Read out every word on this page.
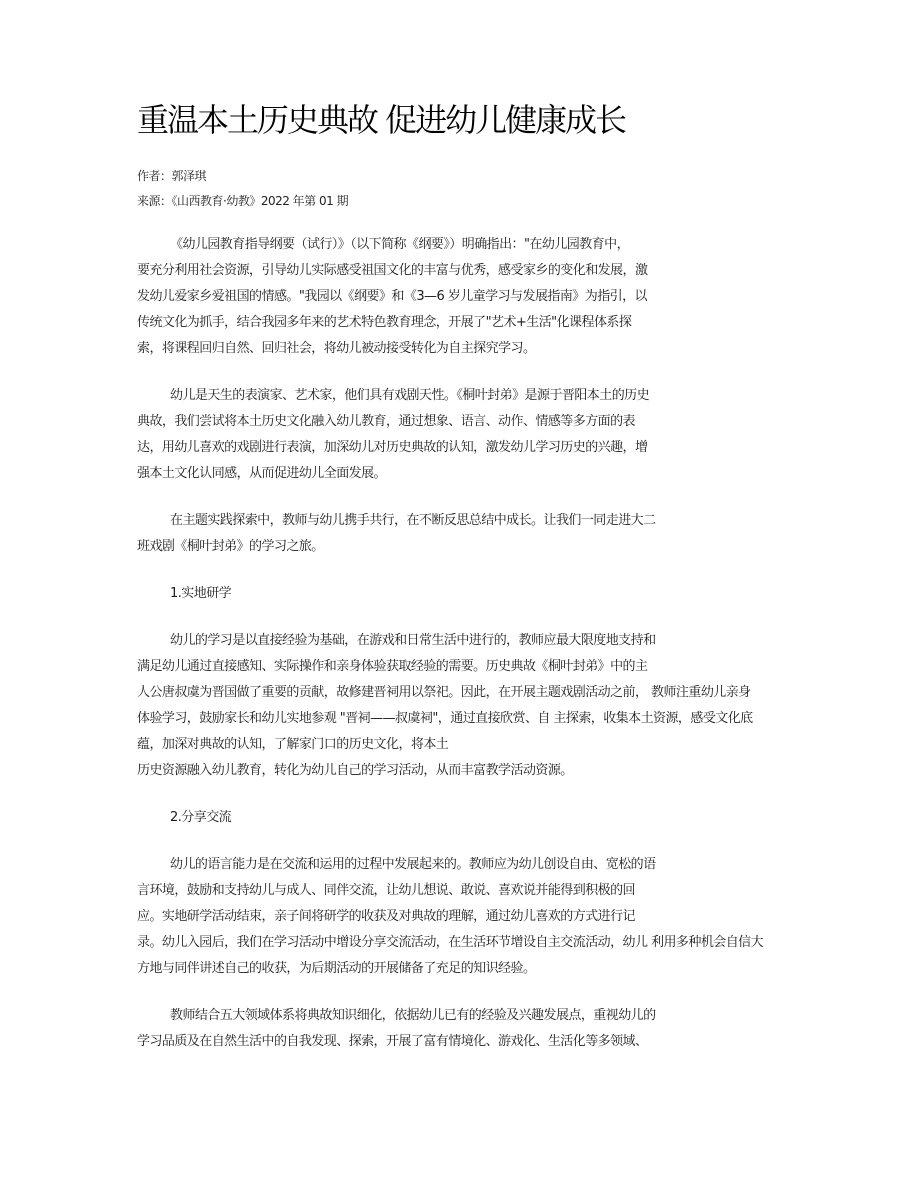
重温本土历史典故 促进幼儿健康成长
作者：郭泽琪
来源：《山西教育·幼教》2022 年第 01 期
《幼儿园教育指导纲要（试行）》（以下简称《纲要》）明确指出："在幼儿园教育中，
要充分利用社会资源，引导幼儿实际感受祖国文化的丰富与优秀，感受家乡的变化和发展，激
发幼儿爱家乡爱祖国的情感。"我园以《纲要》和《3—6 岁儿童学习与发展指南》为指引，以
传统文化为抓手，结合我园多年来的艺术特色教育理念，开展了"艺术+生活"化课程体系探
索，将课程回归自然、回归社会，将幼儿被动接受转化为自主探究学习。
幼儿是天生的表演家、艺术家，他们具有戏剧天性。《桐叶封弟》是源于晋阳本土的历史
典故，我们尝试将本土历史文化融入幼儿教育，通过想象、语言、动作、情感等多方面的表
达，用幼儿喜欢的戏剧进行表演，加深幼儿对历史典故的认知，激发幼儿学习历史的兴趣，增
强本土文化认同感，从而促进幼儿全面发展。
在主题实践探索中，教师与幼儿携手共行，在不断反思总结中成长。让我们一同走进大二
班戏剧《桐叶封弟》的学习之旅。
1.实地研学
幼儿的学习是以直接经验为基础，在游戏和日常生活中进行的，教师应最大限度地支持和
满足幼儿通过直接感知、实际操作和亲身体验获取经验的需要。历史典故《桐叶封弟》中的主
人公唐叔虞为晋国做了重要的贡献，故修建晋祠用以祭祀。因此，在开展主题戏剧活动之前， 教师注重幼儿亲身
体验学习，鼓励家长和幼儿实地参观 "晋祠——叔虞祠"，通过直接欣赏、自 主探索，收集本土资源，感受文化底
蕴，加深对典故的认知，了解家门口的历史文化，将本土
历史资源融入幼儿教育，转化为幼儿自己的学习活动，从而丰富教学活动资源。
2.分享交流
幼儿的语言能力是在交流和运用的过程中发展起来的。教师应为幼儿创设自由、宽松的语
言环境，鼓励和支持幼儿与成人、同伴交流，让幼儿想说、敢说、喜欢说并能得到积极的回
应。实地研学活动结束，亲子间将研学的收获及对典故的理解，通过幼儿喜欢的方式进行记
录。幼儿入园后，我们在学习活动中增设分享交流活动，在生活环节增设自主交流活动，幼儿 利用多种机会自信大
方地与同伴讲述自己的收获，为后期活动的开展储备了充足的知识经验。
教师结合五大领域体系将典故知识细化，依据幼儿已有的经验及兴趣发展点，重视幼儿的
学习品质及在自然生活中的自我发现、探索，开展了富有情境化、游戏化、生活化等多领域、
